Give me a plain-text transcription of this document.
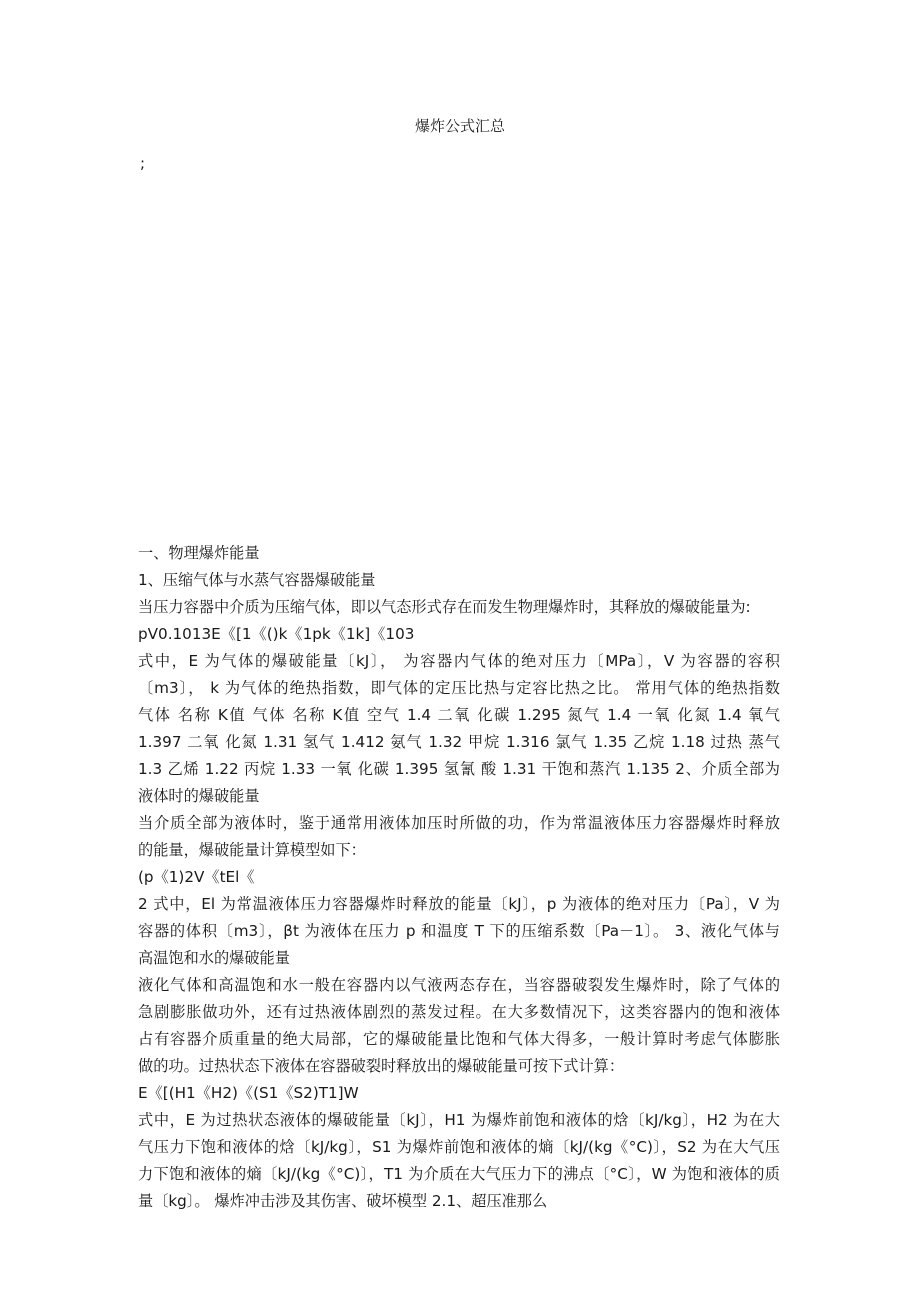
爆炸公式汇总
;
一、物理爆炸能量
1、压缩气体与水蒸气容器爆破能量
当压力容器中介质为压缩气体，即以气态形式存在而发生物理爆炸时，其释放的爆破能量为:
pV0.1013E《[1《()k《1pk《1k]《103
式中，E 为气体的爆破能量〔kJ〕， 为容器内气体的绝对压力〔MPa〕，V 为容器的容积
〔m3〕， k 为气体的绝热指数，即气体的定压比热与定容比热之比。 常用气体的绝热指数
气体 名称 K值 气体 名称 K值 空气 1.4 二氧 化碳 1.295 氮气 1.4 一氧 化氮 1.4 氧气
1.397 二氧 化氮 1.31 氢气 1.412 氨气 1.32 甲烷 1.316 氯气 1.35 乙烷 1.18 过热 蒸气
1.3 乙烯 1.22 丙烷 1.33 一氧 化碳 1.395 氢氰 酸 1.31 干饱和蒸汽 1.135 2、介质全部为
液体时的爆破能量
当介质全部为液体时，鉴于通常用液体加压时所做的功，作为常温液体压力容器爆炸时释放
的能量，爆破能量计算模型如下：
(p《1)2V《tEl《
2 式中，El 为常温液体压力容器爆炸时释放的能量〔kJ〕，p 为液体的绝对压力〔Pa〕，V 为
容器的体积〔m3〕，βt 为液体在压力 p 和温度 T 下的压缩系数〔Pa－1〕。 3、液化气体与
高温饱和水的爆破能量
液化气体和高温饱和水一般在容器内以气液两态存在，当容器破裂发生爆炸时，除了气体的
急剧膨胀做功外，还有过热液体剧烈的蒸发过程。在大多数情况下，这类容器内的饱和液体
占有容器介质重量的绝大局部，它的爆破能量比饱和气体大得多，一般计算时考虑气体膨胀
做的功。过热状态下液体在容器破裂时释放出的爆破能量可按下式计算：
E《[(H1《H2)《(S1《S2)T1]W
式中，E 为过热状态液体的爆破能量〔kJ〕，H1 为爆炸前饱和液体的焓〔kJ/kg〕，H2 为在大
气压力下饱和液体的焓〔kJ/kg〕，S1 为爆炸前饱和液体的熵〔kJ/(kg《°C)〕，S2 为在大气压
力下饱和液体的熵〔kJ/(kg《°C)〕，T1 为介质在大气压力下的沸点〔°C〕，W 为饱和液体的质
量〔kg〕。 爆炸冲击涉及其伤害、破坏模型 2.1、超压准那么
